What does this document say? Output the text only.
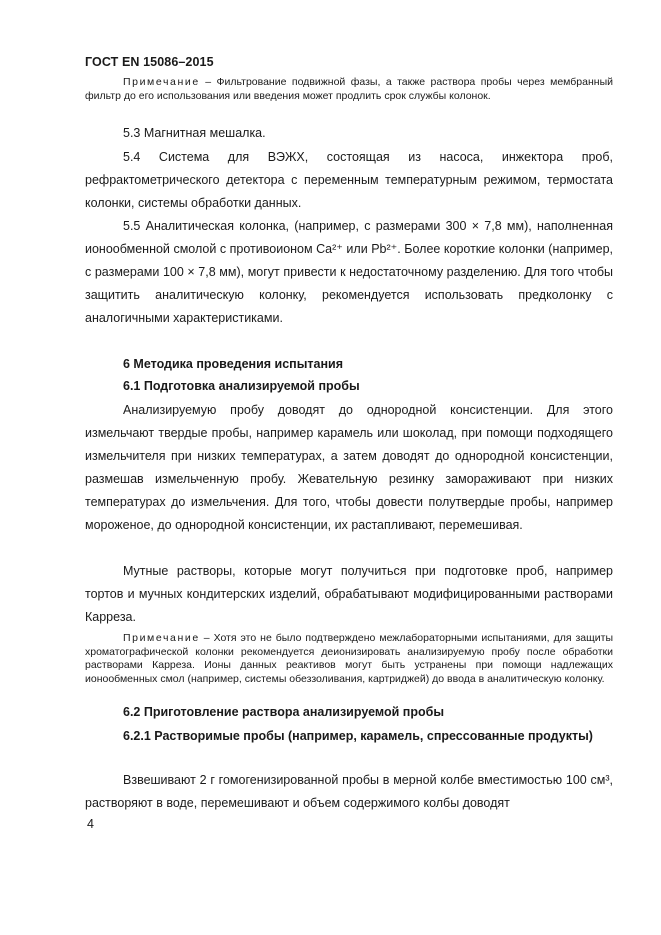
ГОСТ EN 15086–2015
Примечание – Фильтрование подвижной фазы, а также раствора пробы через мембранный фильтр до его использования или введения может продлить срок службы колонок.
5.3 Магнитная мешалка.
5.4 Система для ВЭЖХ, состоящая из насоса, инжектора проб, рефрактометрического детектора с переменным температурным режимом, термостата колонки, системы обработки данных.
5.5 Аналитическая колонка, (например, с размерами 300 × 7,8 мм), наполненная ионообменной смолой с противоионом Ca²⁺ или Pb²⁺. Более короткие колонки (например, с размерами 100 × 7,8 мм), могут привести к недостаточному разделению. Для того чтобы защитить аналитическую колонку, рекомендуется использовать предколонку с аналогичными характеристиками.
6 Методика проведения испытания
6.1 Подготовка анализируемой пробы
Анализируемую пробу доводят до однородной консистенции. Для этого измельчают твердые пробы, например карамель или шоколад, при помощи подходящего измельчителя при низких температурах, а затем доводят до однородной консистенции, размешав измельченную пробу. Жевательную резинку замораживают при низких температурах до измельчения. Для того, чтобы довести полутвердые пробы, например мороженое, до однородной консистенции, их растапливают, перемешивая.
Мутные растворы, которые могут получиться при подготовке проб, например тортов и мучных кондитерских изделий, обрабатывают модифицированными растворами Карреза.
Примечание – Хотя это не было подтверждено межлабораторными испытаниями, для защиты хроматографической колонки рекомендуется деионизировать анализируемую пробу после обработки растворами Карреза. Ионы данных реактивов могут быть устранены при помощи надлежащих ионообменных смол (например, системы обеззоливания, картриджей) до ввода в аналитическую колонку.
6.2 Приготовление раствора анализируемой пробы
6.2.1 Растворимые пробы (например, карамель, спрессованные продукты)
Взвешивают 2 г гомогенизированной пробы в мерной колбе вместимостью 100 см³, растворяют в воде, перемешивают и объем содержимого колбы доводят
4
